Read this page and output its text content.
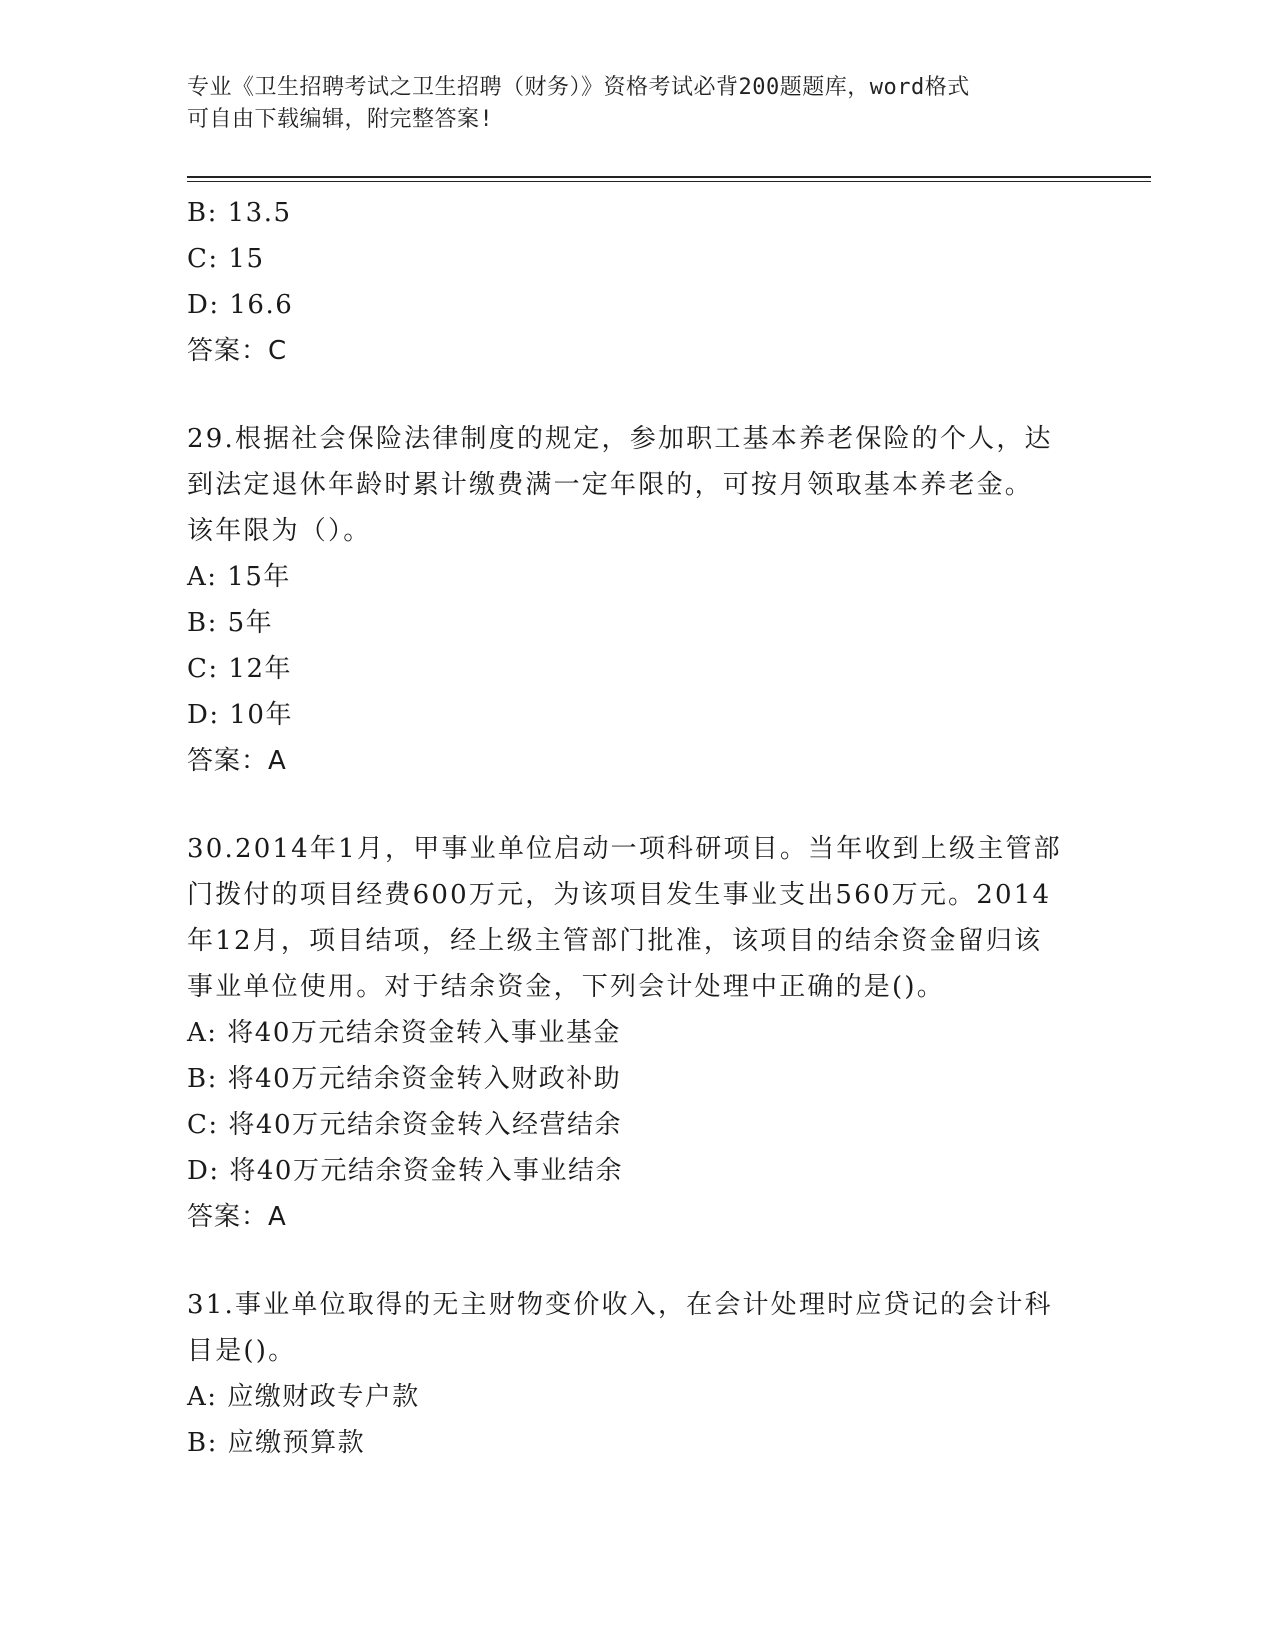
专业《卫生招聘考试之卫生招聘（财务）》资格考试必背200题题库，word格式
可自由下载编辑，附完整答案!
B: 13.5
C: 15
D: 16.6
答案：C
29.根据社会保险法律制度的规定，参加职工基本养老保险的个人，达
到法定退休年龄时累计缴费满一定年限的，可按月领取基本养老金。
该年限为（）。
A: 15年
B: 5年
C: 12年
D: 10年
答案：A
30.2014年1月，甲事业单位启动一项科研项目。当年收到上级主管部
门拨付的项目经费600万元，为该项目发生事业支出560万元。2014
年12月，项目结项，经上级主管部门批准，该项目的结余资金留归该
事业单位使用。对于结余资金，下列会计处理中正确的是()。
A: 将40万元结余资金转入事业基金
B: 将40万元结余资金转入财政补助
C: 将40万元结余资金转入经营结余
D: 将40万元结余资金转入事业结余
答案：A
31.事业单位取得的无主财物变价收入，在会计处理时应贷记的会计科
目是()。
A: 应缴财政专户款
B: 应缴预算款
